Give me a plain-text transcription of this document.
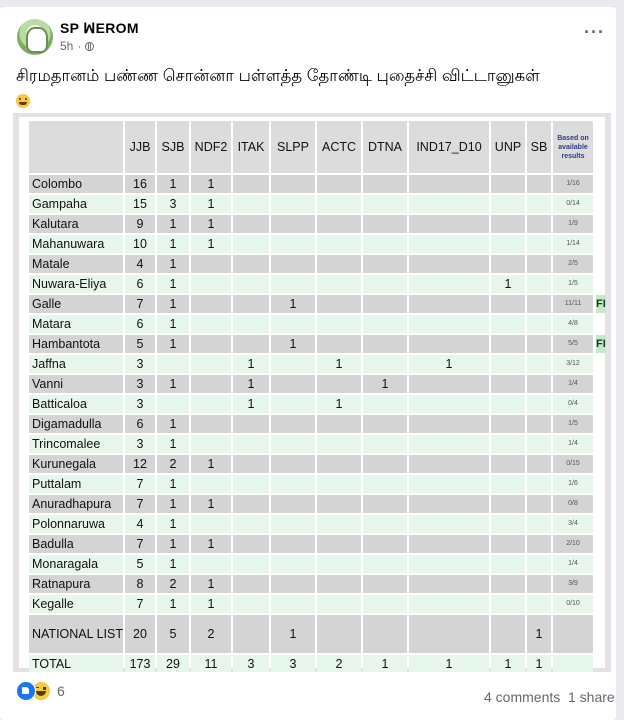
SP ꟽEROM
5h ·
···
சிரமதானம் பண்ண சொன்னா பள்ளத்த தோண்டி புதைச்சி விட்டானுகள்

	JJB	SJB	NDF2	ITAK	SLPP	ACTC	DTNA	IND17_D10	UNP	SB	Based on available results
Colombo	16	1	1								1/16
Gampaha	15	3	1								0/14
Kalutara	9	1	1								1/9
Mahanuwara	10	1	1								1/14
Matale	4	1									2/5
Nuwara-Eliya	6	1							1		1/5
Galle	7	1			1						11/11
Matara	6	1									4/8
Hambantota	5	1			1						5/5
Jaffna	3			1		1		1			3/12
Vanni	3	1		1			1				1/4
Batticaloa	3			1		1					0/4
Digamadulla	6	1									1/5
Trincomalee	3	1									1/4
Kurunegala	12	2	1								0/15
Puttalam	7	1									1/6
Anuradhapura	7	1	1								0/8
Polonnaruwa	4	1									3/4
Badulla	7	1	1								2/10
Monaragala	5	1									1/4
Ratnapura	8	2	1								3/9
Kegalle	7	1	1								0/10
NATIONAL LIST	20	5	2		1					1	
TOTAL	173	29	11	3	3	2	1	1	1	1	
6	4 comments 1 share
FI
FI
